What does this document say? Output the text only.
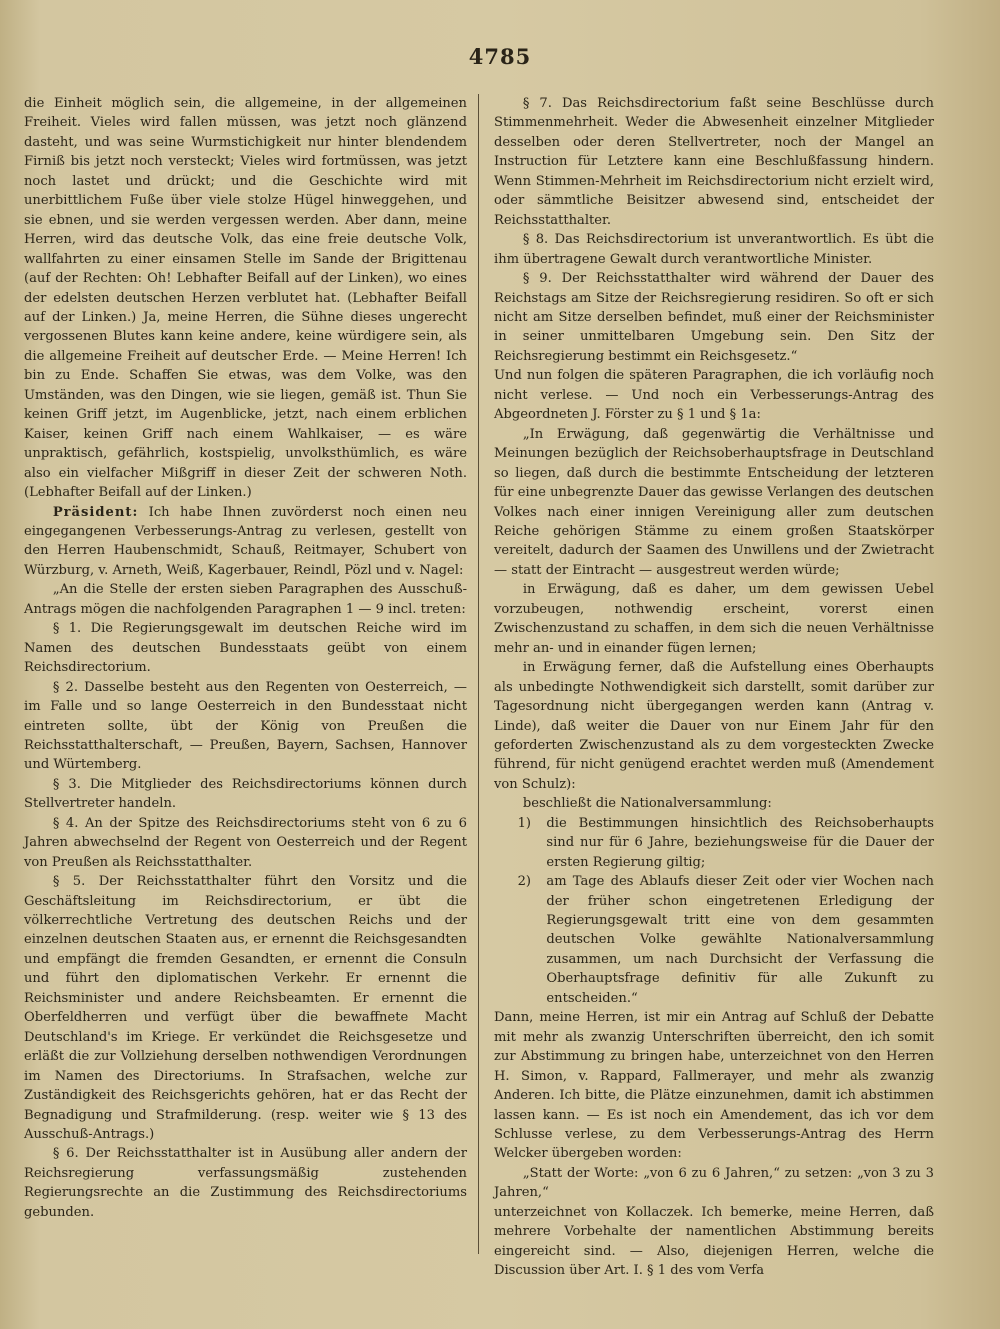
4785

die Einheit möglich sein, die allgemeine, in der allgemeinen Freiheit. Vieles wird fallen müssen, was jetzt noch glänzend dasteht, und was seine Wurmstichigkeit nur hinter blendendem Firniß bis jetzt noch versteckt; Vieles wird fortmüssen, was jetzt noch lastet und drückt; und die Geschichte wird mit unerbittlichem Fuße über viele stolze Hügel hinweggehen, und sie ebnen, und sie werden vergessen werden. Aber dann, meine Herren, wird das deutsche Volk, das eine freie deutsche Volk, wallfahrten zu einer einsamen Stelle im Sande der Brigittenau (auf der Rechten: Oh! Lebhafter Beifall auf der Linken), wo eines der edelsten deutschen Herzen verblutet hat. (Lebhafter Beifall auf der Linken.) Ja, meine Herren, die Sühne dieses ungerecht vergossenen Blutes kann keine andere, keine würdigere sein, als die allgemeine Freiheit auf deutscher Erde. — Meine Herren! Ich bin zu Ende. Schaffen Sie etwas, was dem Volke, was den Umständen, was den Dingen, wie sie liegen, gemäß ist. Thun Sie keinen Griff jetzt, im Augenblicke, jetzt, nach einem erblichen Kaiser, keinen Griff nach einem Wahlkaiser, — es wäre unpraktisch, gefährlich, kostspielig, unvolksthümlich, es wäre also ein vielfacher Mißgriff in dieser Zeit der schweren Noth. (Lebhafter Beifall auf der Linken.)

Präsident: Ich habe Ihnen zuvörderst noch einen neu eingegangenen Verbesserungs-Antrag zu verlesen, gestellt von den Herren Haubenschmidt, Schauß, Reitmayer, Schubert von Würzburg, v. Arneth, Weiß, Kagerbauer, Reindl, Pözl und v. Nagel:

„An die Stelle der ersten sieben Paragraphen des Ausschuß-Antrags mögen die nachfolgenden Paragraphen 1 — 9 incl. treten:

§ 1. Die Regierungsgewalt im deutschen Reiche wird im Namen des deutschen Bundesstaats geübt von einem Reichsdirectorium.

§ 2. Dasselbe besteht aus den Regenten von Oesterreich, — im Falle und so lange Oesterreich in den Bundesstaat nicht eintreten sollte, übt der König von Preußen die Reichsstatthalterschaft, — Preußen, Bayern, Sachsen, Hannover und Würtemberg.

§ 3. Die Mitglieder des Reichsdirectoriums können durch Stellvertreter handeln.

§ 4. An der Spitze des Reichsdirectoriums steht von 6 zu 6 Jahren abwechselnd der Regent von Oesterreich und der Regent von Preußen als Reichsstatthalter.

§ 5. Der Reichsstatthalter führt den Vorsitz und die Geschäftsleitung im Reichsdirectorium, er übt die völkerrechtliche Vertretung des deutschen Reichs und der einzelnen deutschen Staaten aus, er ernennt die Reichsgesandten und empfängt die fremden Gesandten, er ernennt die Consuln und führt den diplomatischen Verkehr. Er ernennt die Reichsminister und andere Reichsbeamten. Er ernennt die Oberfeldherren und verfügt über die bewaffnete Macht Deutschland's im Kriege. Er verkündet die Reichsgesetze und erläßt die zur Vollziehung derselben nothwendigen Verordnungen im Namen des Directoriums. In Strafsachen, welche zur Zuständigkeit des Reichsgerichts gehören, hat er das Recht der Begnadigung und Strafmilderung. (resp. weiter wie § 13 des Ausschuß-Antrags.)

§ 6. Der Reichsstatthalter ist in Ausübung aller andern der Reichsregierung verfassungsmäßig zustehenden Regierungsrechte an die Zustimmung des Reichsdirectoriums gebunden.

§ 7. Das Reichsdirectorium faßt seine Beschlüsse durch Stimmenmehrheit. Weder die Abwesenheit einzelner Mitglieder desselben oder deren Stellvertreter, noch der Mangel an Instruction für Letztere kann eine Beschlußfassung hindern. Wenn Stimmen-Mehrheit im Reichsdirectorium nicht erzielt wird, oder sämmtliche Beisitzer abwesend sind, entscheidet der Reichsstatthalter.

§ 8. Das Reichsdirectorium ist unverantwortlich. Es übt die ihm übertragene Gewalt durch verantwortliche Minister.

§ 9. Der Reichsstatthalter wird während der Dauer des Reichstags am Sitze der Reichsregierung residiren. So oft er sich nicht am Sitze derselben befindet, muß einer der Reichsminister in seiner unmittelbaren Umgebung sein. Den Sitz der Reichsregierung bestimmt ein Reichsgesetz.“

Und nun folgen die späteren Paragraphen, die ich vorläufig noch nicht verlese. — Und noch ein Verbesserungs-Antrag des Abgeordneten J. Förster zu § 1 und § 1a:

„In Erwägung, daß gegenwärtig die Verhältnisse und Meinungen bezüglich der Reichsoberhauptsfrage in Deutschland so liegen, daß durch die bestimmte Entscheidung der letzteren für eine unbegrenzte Dauer das gewisse Verlangen des deutschen Volkes nach einer innigen Vereinigung aller zum deutschen Reiche gehörigen Stämme zu einem großen Staatskörper vereitelt, dadurch der Saamen des Unwillens und der Zwietracht — statt der Eintracht — ausgestreut werden würde;

in Erwägung, daß es daher, um dem gewissen Uebel vorzubeugen, nothwendig erscheint, vorerst einen Zwischenzustand zu schaffen, in dem sich die neuen Verhältnisse mehr an- und in einander fügen lernen;

in Erwägung ferner, daß die Aufstellung eines Oberhaupts als unbedingte Nothwendigkeit sich darstellt, somit darüber zur Tagesordnung nicht übergegangen werden kann (Antrag v. Linde), daß weiter die Dauer von nur Einem Jahr für den geforderten Zwischenzustand als zu dem vorgesteckten Zwecke führend, für nicht genügend erachtet werden muß (Amendement von Schulz):

beschließt die Nationalversammlung:

1) die Bestimmungen hinsichtlich des Reichsoberhaupts sind nur für 6 Jahre, beziehungsweise für die Dauer der ersten Regierung giltig;
2) am Tage des Ablaufs dieser Zeit oder vier Wochen nach der früher schon eingetretenen Erledigung der Regierungsgewalt tritt eine von dem gesammten deutschen Volke gewählte Nationalversammlung zusammen, um nach Durchsicht der Verfassung die Oberhauptsfrage definitiv für alle Zukunft zu entscheiden.“

Dann, meine Herren, ist mir ein Antrag auf Schluß der Debatte mit mehr als zwanzig Unterschriften überreicht, den ich somit zur Abstimmung zu bringen habe, unterzeichnet von den Herren H. Simon, v. Rappard, Fallmerayer, und mehr als zwanzig Anderen. Ich bitte, die Plätze einzunehmen, damit ich abstimmen lassen kann. — Es ist noch ein Amendement, das ich vor dem Schlusse verlese, zu dem Verbesserungs-Antrag des Herrn Welcker übergeben worden:

„Statt der Worte: „von 6 zu 6 Jahren,“ zu setzen: „von 3 zu 3 Jahren,“

unterzeichnet von Kollaczek. Ich bemerke, meine Herren, daß mehrere Vorbehalte der namentlichen Abstimmung bereits eingereicht sind. — Also, diejenigen Herren, welche die Discussion über Art. I. § 1 des vom Verfa
